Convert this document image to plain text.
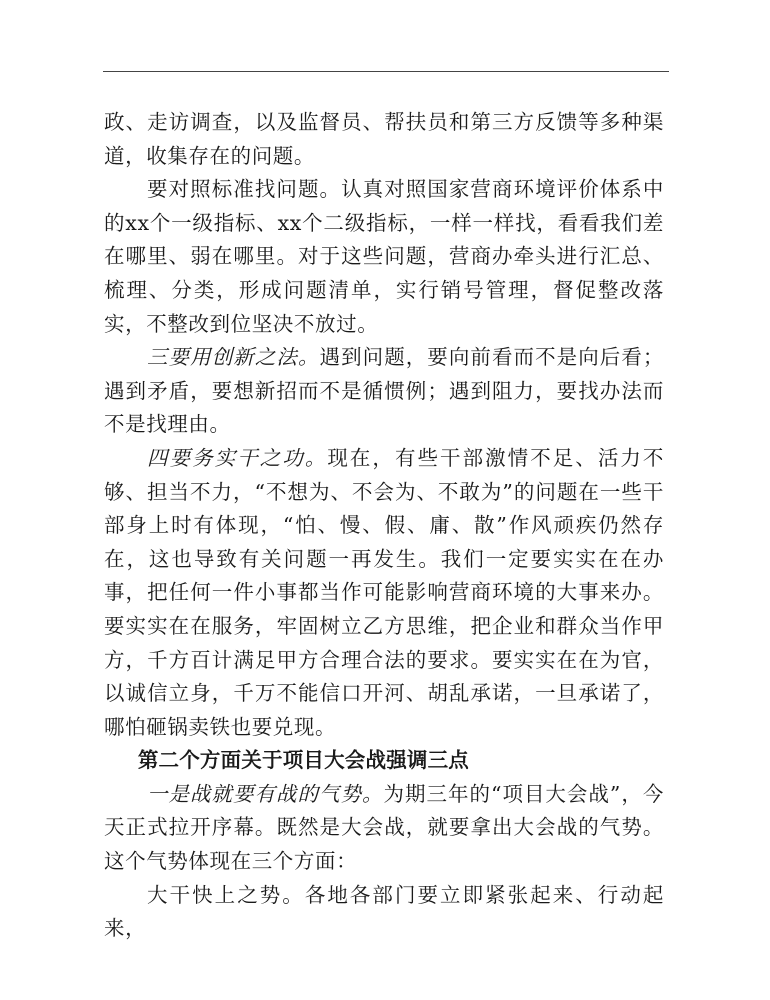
政、走访调查，以及监督员、帮扶员和第三方反馈等多种渠道，收集存在的问题。

要对照标准找问题。认真对照国家营商环境评价体系中的xx个一级指标、xx个二级指标，一样一样找，看看我们差在哪里、弱在哪里。对于这些问题，营商办牵头进行汇总、梳理、分类，形成问题清单，实行销号管理，督促整改落实，不整改到位坚决不放过。

三要用创新之法。遇到问题，要向前看而不是向后看；遇到矛盾，要想新招而不是循惯例；遇到阻力，要找办法而不是找理由。

四要务实干之功。现在，有些干部激情不足、活力不够、担当不力，“不想为、不会为、不敢为”的问题在一些干部身上时有体现，“怕、慢、假、庸、散”作风顽疾仍然存在，这也导致有关问题一再发生。我们一定要实实在在办事，把任何一件小事都当作可能影响营商环境的大事来办。要实实在在服务，牢固树立乙方思维，把企业和群众当作甲方，千方百计满足甲方合理合法的要求。要实实在在为官，以诚信立身，千万不能信口开河、胡乱承诺，一旦承诺了，哪怕砸锅卖铁也要兑现。

第二个方面关于项目大会战强调三点

一是战就要有战的气势。为期三年的“项目大会战”，今天正式拉开序幕。既然是大会战，就要拿出大会战的气势。这个气势体现在三个方面：

大干快上之势。各地各部门要立即紧张起来、行动起来，
